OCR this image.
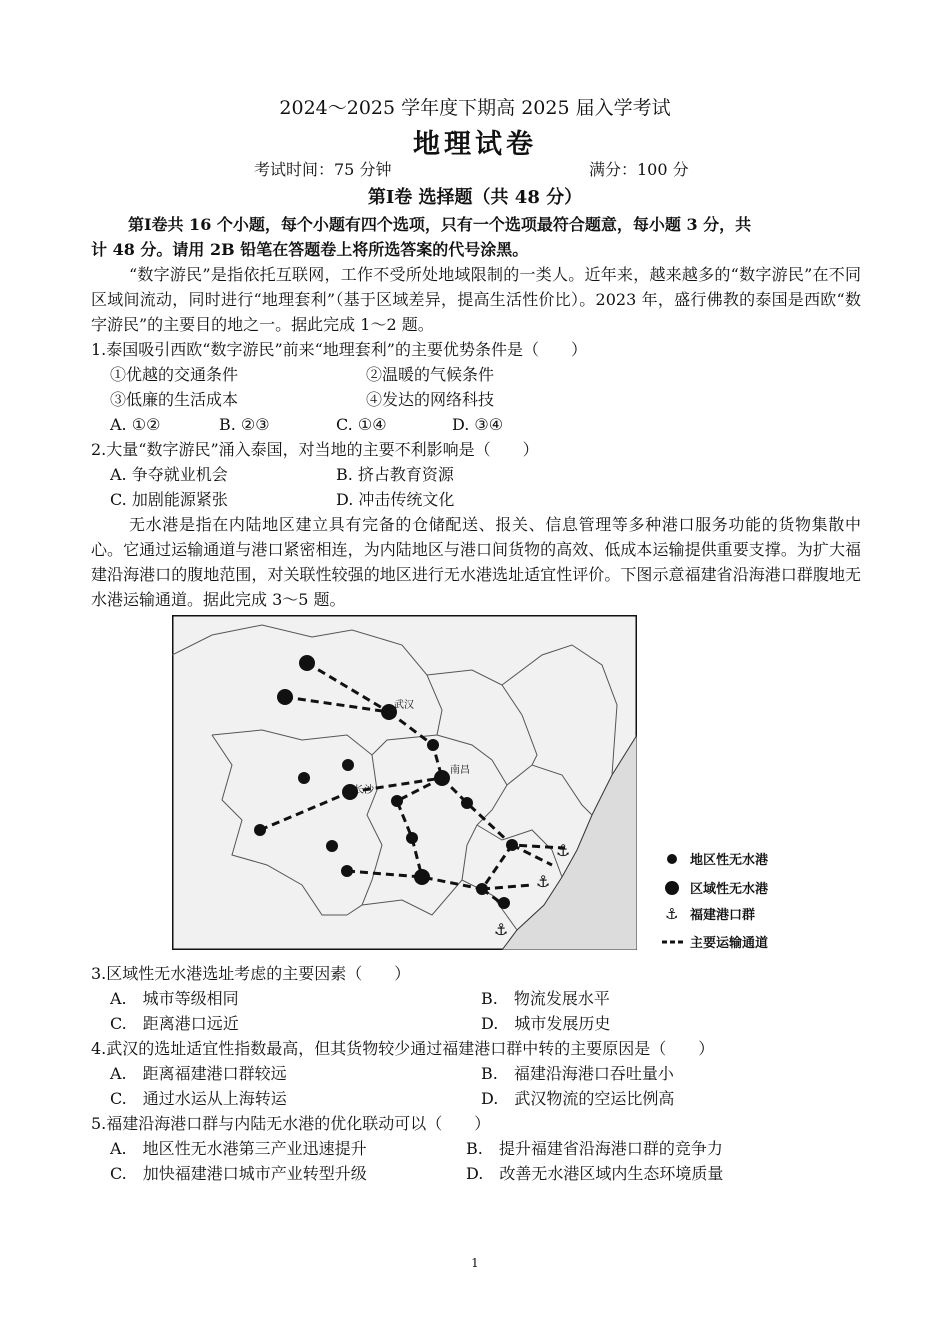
2024～2025 学年度下期高 2025 届入学考试
地理试卷
考试时间：75 分钟	满分：100 分
第Ⅰ卷 选择题（共 48 分）
第Ⅰ卷共 16 个小题，每个小题有四个选项，只有一个选项最符合题意，每小题 3 分，共
计 48 分。请用 2B 铅笔在答题卷上将所选答案的代号涂黑。
“数字游民”是指依托互联网，工作不受所处地域限制的一类人。近年来，越来越多的“数字游民”在不同区域间流动，同时进行“地理套利”（基于区域差异，提高生活性价比）。2023 年，盛行佛教的泰国是西欧“数字游民”的主要目的地之一。据此完成 1～2 题。
1.泰国吸引西欧“数字游民”前来“地理套利”的主要优势条件是（　　）
①优越的交通条件	②温暖的气候条件
③低廉的生活成本	④发达的网络科技
A. ①②	B. ②③	C. ①④	D. ③④
2.大量“数字游民”涌入泰国，对当地的主要不利影响是（　　）
A. 争夺就业机会	B. 挤占教育资源
C. 加剧能源紧张	D. 冲击传统文化
无水港是指在内陆地区建立具有完备的仓储配送、报关、信息管理等多种港口服务功能的货物集散中心。它通过运输通道与港口紧密相连，为内陆地区与港口间货物的高效、低成本运输提供重要支撑。为扩大福建沿海港口的腹地范围，对关联性较强的地区进行无水港选址适宜性评价。下图示意福建省沿海港口群腹地无水港运输通道。据此完成 3～5 题。
⚓
⚓
⚓
武汉
南昌
长沙
地区性无水港
区域性无水港
⚓ 福建港口群
主要运输通道
3.区域性无水港选址考虑的主要因素（　　）
A.　城市等级相同	B.　物流发展水平
C.　距离港口远近	D.　城市发展历史
4.武汉的选址适宜性指数最高，但其货物较少通过福建港口群中转的主要原因是（　　）
A.　距离福建港口群较远	B.　福建沿海港口吞吐量小
C.　通过水运从上海转运	D.　武汉物流的空运比例高
5.福建沿海港口群与内陆无水港的优化联动可以（　　）
A.　地区性无水港第三产业迅速提升	B.　提升福建省沿海港口群的竞争力
C.　加快福建港口城市产业转型升级	D.　改善无水港区域内生态环境质量
1
